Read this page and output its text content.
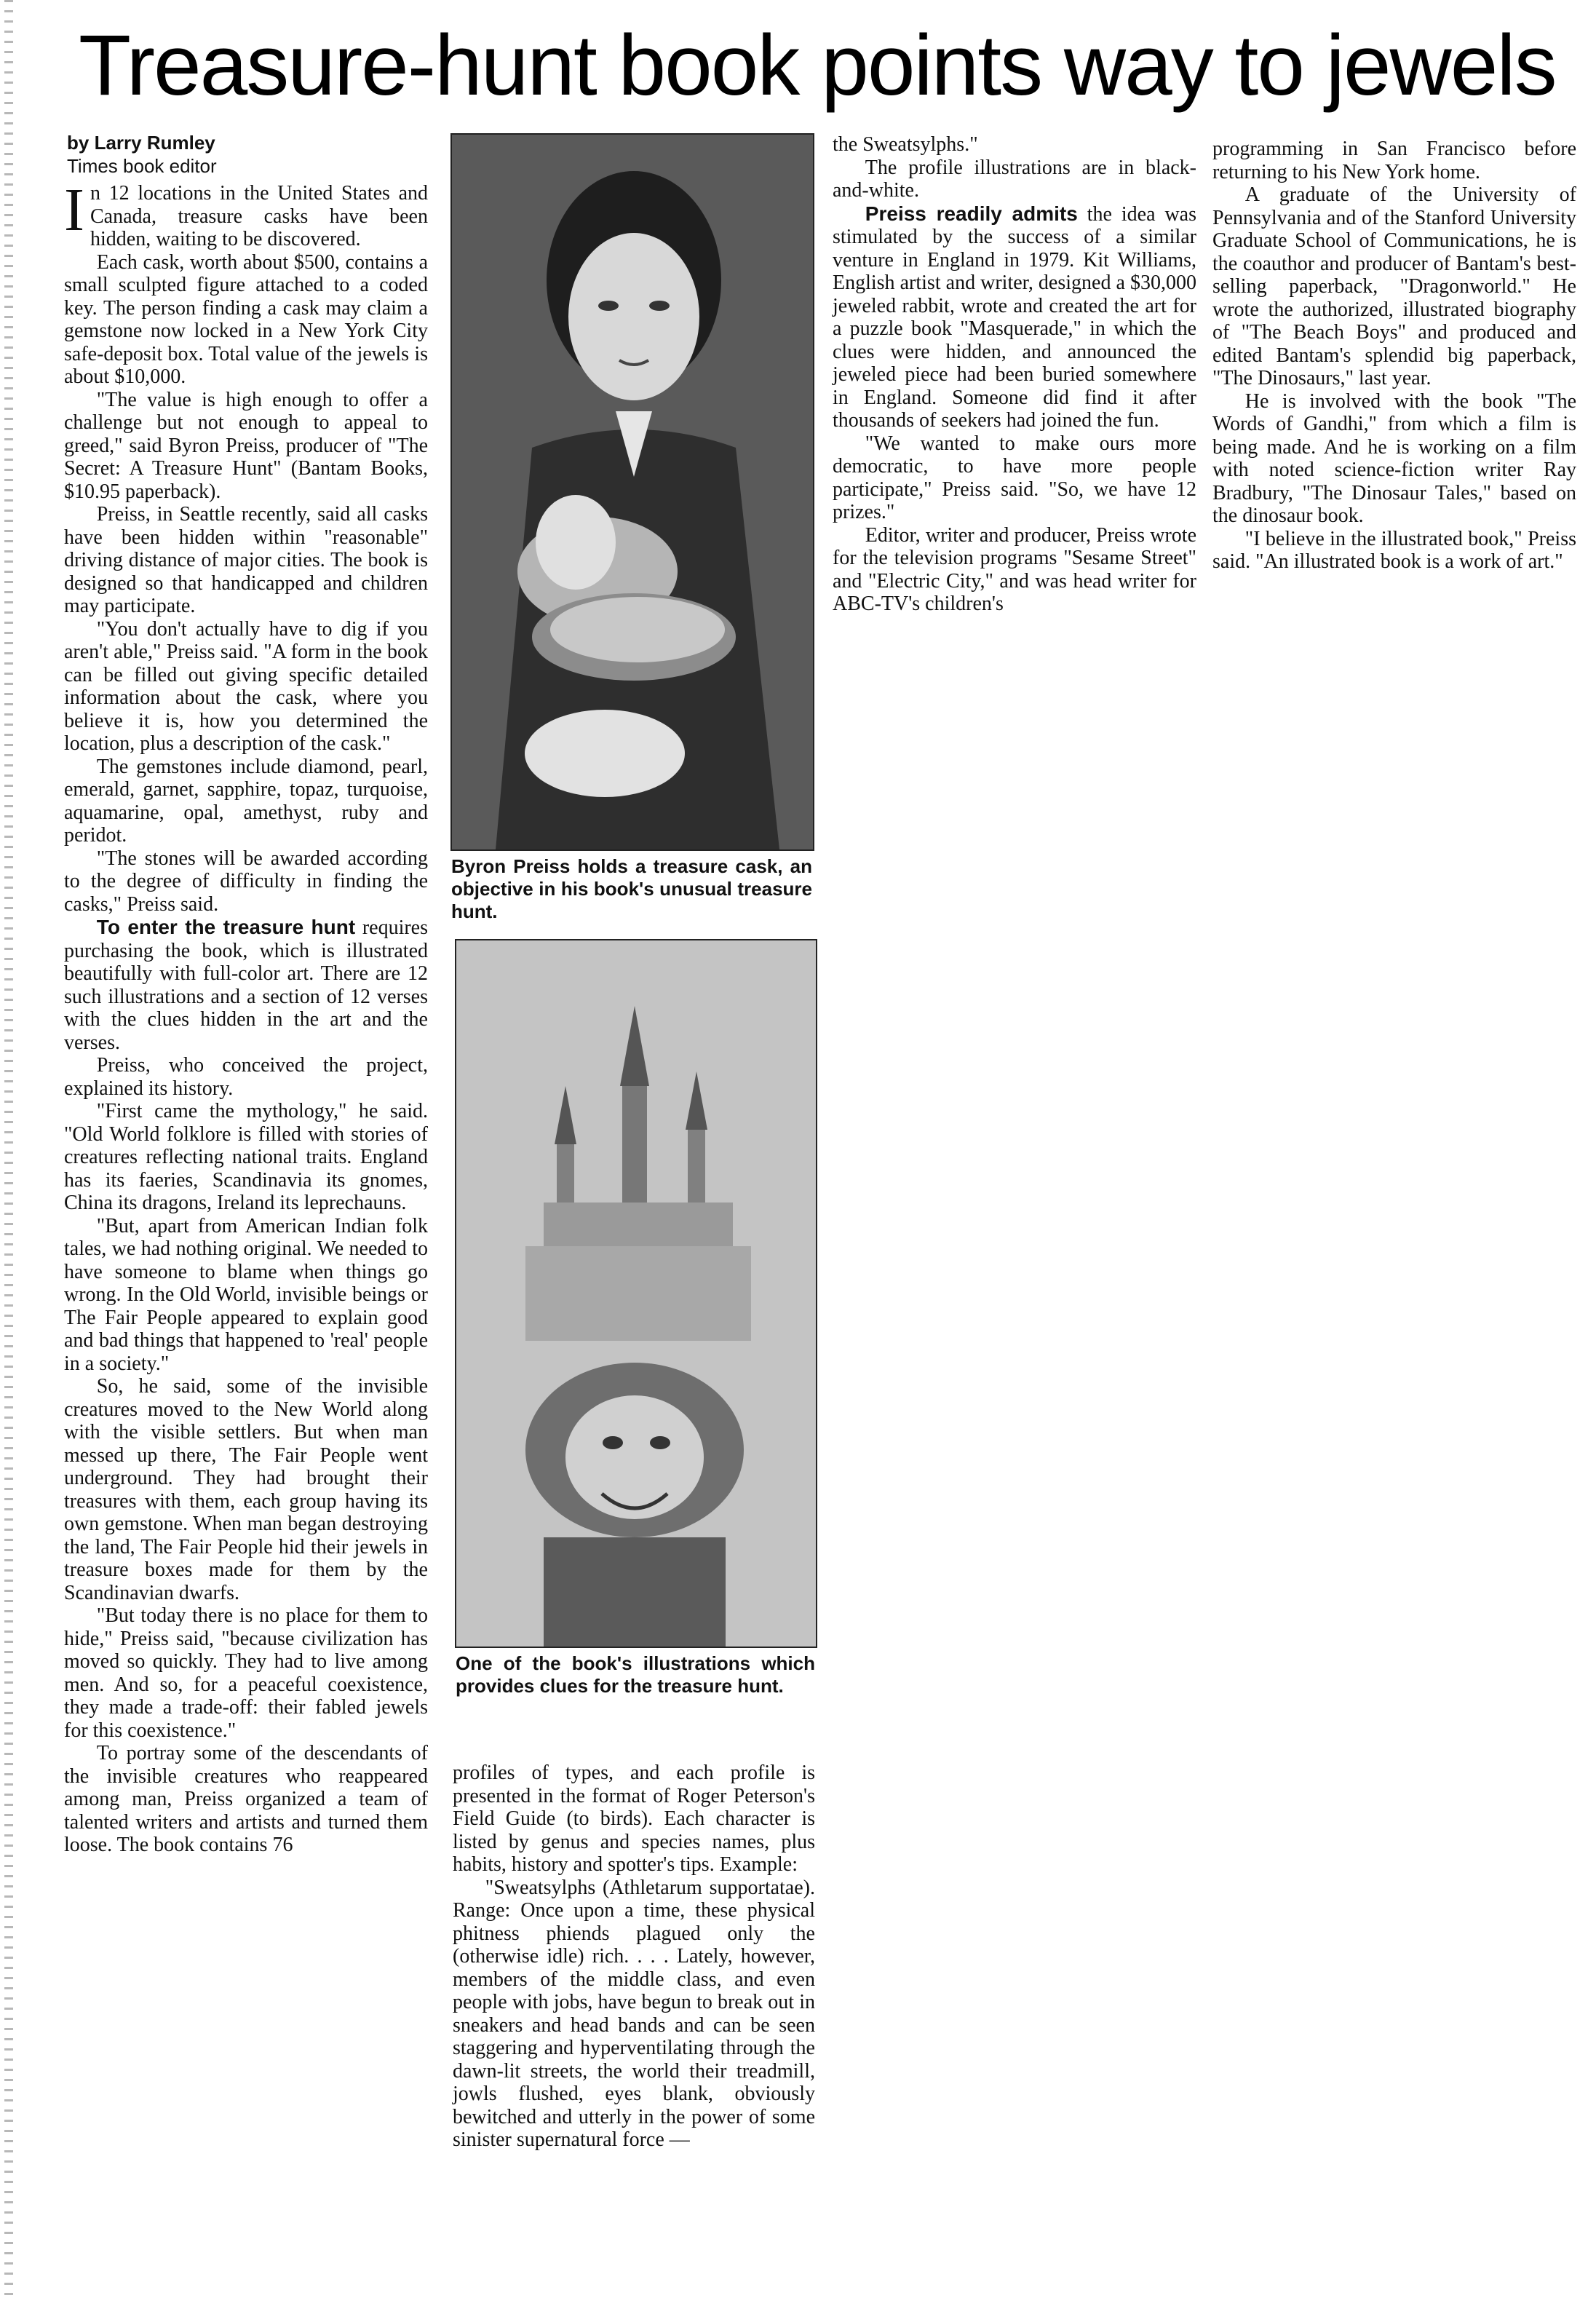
Treasure-hunt book points way to jewels
by Larry Rumley
Times book editor

In 12 locations in the United States and Canada, treasure casks have been hidden, waiting to be discovered.

Each cask, worth about $500, contains a small sculpted figure attached to a coded key. The person finding a cask may claim a gemstone now locked in a New York City safe-deposit box. Total value of the jewels is about $10,000.

"The value is high enough to offer a challenge but not enough to appeal to greed," said Byron Preiss, producer of "The Secret: A Treasure Hunt" (Bantam Books, $10.95 paperback).

Preiss, in Seattle recently, said all casks have been hidden within "reasonable" driving distance of major cities. The book is designed so that handicapped and children may participate.

"You don't actually have to dig if you aren't able," Preiss said. "A form in the book can be filled out giving specific detailed information about the cask, where you believe it is, how you determined the location, plus a description of the cask."

The gemstones include diamond, pearl, emerald, garnet, sapphire, topaz, turquoise, aquamarine, opal, amethyst, ruby and peridot.

"The stones will be awarded according to the degree of difficulty in finding the casks," Preiss said.

To enter the treasure hunt requires purchasing the book, which is illustrated beautifully with full-color art. There are 12 such illustrations and a section of 12 verses with the clues hidden in the art and the verses.

Preiss, who conceived the project, explained its history.

"First came the mythology," he said. "Old World folklore is filled with stories of creatures reflecting national traits. England has its faeries, Scandinavia its gnomes, China its dragons, Ireland its leprechauns.

"But, apart from American Indian folk tales, we had nothing original. We needed to have someone to blame when things go wrong. In the Old World, invisible beings or The Fair People appeared to explain good and bad things that happened to 'real' people in a society."

So, he said, some of the invisible creatures moved to the New World along with the visible settlers. But when man messed up there, The Fair People went underground. They had brought their treasures with them, each group having its own gemstone. When man began destroying the land, The Fair People hid their jewels in treasure boxes made for them by the Scandinavian dwarfs.

"But today there is no place for them to hide," Preiss said, "because civilization has moved so quickly. They had to live among men. And so, for a peaceful coexistence, they made a trade-off: their fabled jewels for this coexistence."

To portray some of the descendants of the invisible creatures who reappeared among man, Preiss organized a team of talented writers and artists and turned them loose. The book contains 76

Byron Preiss holds a treasure cask, an objective in his book's unusual treasure hunt.
One of the book's illustrations which provides clues for the treasure hunt.

profiles of types, and each profile is presented in the format of Roger Peterson's Field Guide (to birds). Each character is listed by genus and species names, plus habits, history and spotter's tips. Example:

"Sweatsylphs (Athletarum supportatae). Range: Once upon a time, these physical phitness phiends plagued only the (otherwise idle) rich. . . . Lately, however, members of the middle class, and even people with jobs, have begun to break out in sneakers and head bands and can be seen staggering and hyperventilating through the dawn-lit streets, the world their treadmill, jowls flushed, eyes blank, obviously bewitched and utterly in the power of some sinister supernatural force —

the Sweatsylphs."

The profile illustrations are in black-and-white.

Preiss readily admits the idea was stimulated by the success of a similar venture in England in 1979. Kit Williams, English artist and writer, designed a $30,000 jeweled rabbit, wrote and created the art for a puzzle book "Masquerade," in which the clues were hidden, and announced the jeweled piece had been buried somewhere in England. Someone did find it after thousands of seekers had joined the fun.

"We wanted to make ours more democratic, to have more people participate," Preiss said. "So, we have 12 prizes."

Editor, writer and producer, Preiss wrote for the television programs "Sesame Street" and "Electric City," and was head writer for ABC-TV's children's

programming in San Francisco before returning to his New York home.

A graduate of the University of Pennsylvania and of the Stanford University Graduate School of Communications, he is the coauthor and producer of Bantam's best-selling paperback, "Dragonworld." He wrote the authorized, illustrated biography of "The Beach Boys" and produced and edited Bantam's splendid big paperback, "The Dinosaurs," last year.

He is involved with the book "The Words of Gandhi," from which a film is being made. And he is working on a film with noted science-fiction writer Ray Bradbury, "The Dinosaur Tales," based on the dinosaur book.

"I believe in the illustrated book," Preiss said. "An illustrated book is a work of art."
